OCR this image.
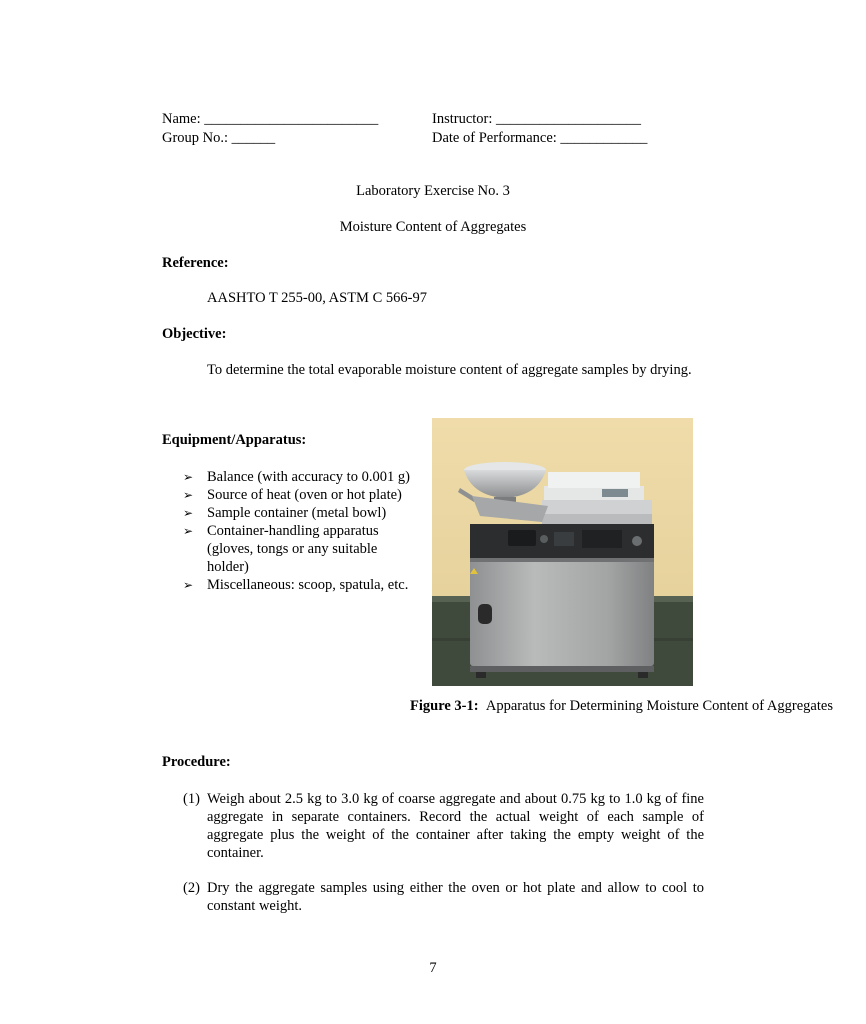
Name: ________________________	Instructor: ____________________
Group No.: ______	Date of Performance: ____________
Laboratory Exercise No. 3
Moisture Content of Aggregates
Reference:
AASHTO T 255-00, ASTM C 566-97
Objective:
To determine the total evaporable moisture content of aggregate samples by drying.
Equipment/Apparatus:
➢ Balance (with accuracy to 0.001 g)
➢ Source of heat (oven or hot plate)
➢ Sample container (metal bowl)
➢ Container-handling apparatus (gloves, tongs or any suitable holder)
➢ Miscellaneous: scoop, spatula, etc.
Figure 3-1: Apparatus for Determining Moisture Content of Aggregates
Procedure:
(1) Weigh about 2.5 kg to 3.0 kg of coarse aggregate and about 0.75 kg to 1.0 kg of fine aggregate in separate containers. Record the actual weight of each sample of aggregate plus the weight of the container after taking the empty weight of the container.
(2) Dry the aggregate samples using either the oven or hot plate and allow to cool to constant weight.
7
